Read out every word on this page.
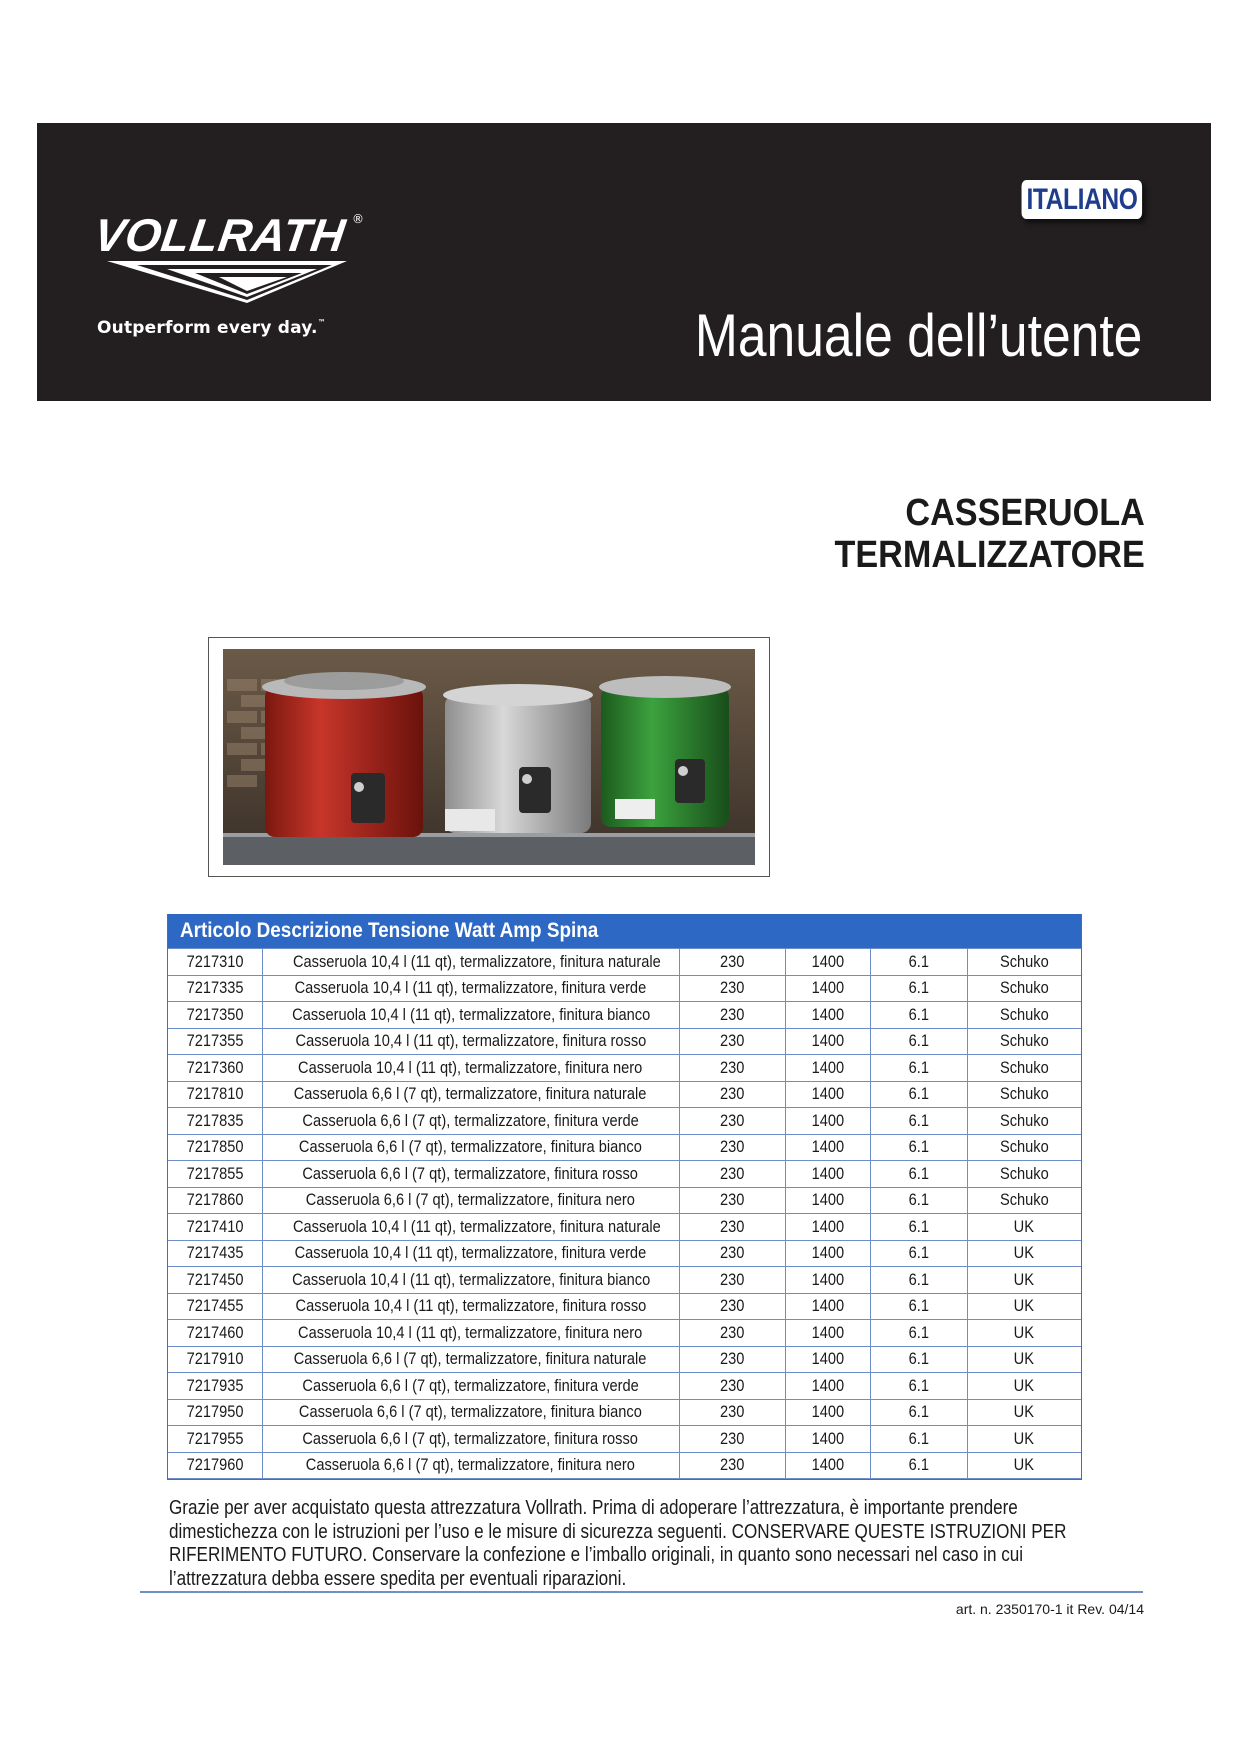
VOLLRATH ®
Outperform every day.™
ITALIANO
Manuale dell’utente
CASSERUOLA
TERMALIZZATORE
Articolo Descrizione Tensione Watt Amp Spina
7217310	Casseruola 10,4 l (11 qt), termalizzatore, finitura naturale	230	1400	6.1	Schuko
7217335	Casseruola 10,4 l (11 qt), termalizzatore, finitura verde	230	1400	6.1	Schuko
7217350	Casseruola 10,4 l (11 qt), termalizzatore, finitura bianco	230	1400	6.1	Schuko
7217355	Casseruola 10,4 l (11 qt), termalizzatore, finitura rosso	230	1400	6.1	Schuko
7217360	Casseruola 10,4 l (11 qt), termalizzatore, finitura nero	230	1400	6.1	Schuko
7217810	Casseruola 6,6 l (7 qt), termalizzatore, finitura naturale	230	1400	6.1	Schuko
7217835	Casseruola 6,6 l (7 qt), termalizzatore, finitura verde	230	1400	6.1	Schuko
7217850	Casseruola 6,6 l (7 qt), termalizzatore, finitura bianco	230	1400	6.1	Schuko
7217855	Casseruola 6,6 l (7 qt), termalizzatore, finitura rosso	230	1400	6.1	Schuko
7217860	Casseruola 6,6 l (7 qt), termalizzatore, finitura nero	230	1400	6.1	Schuko
7217410	Casseruola 10,4 l (11 qt), termalizzatore, finitura naturale	230	1400	6.1	UK
7217435	Casseruola 10,4 l (11 qt), termalizzatore, finitura verde	230	1400	6.1	UK
7217450	Casseruola 10,4 l (11 qt), termalizzatore, finitura bianco	230	1400	6.1	UK
7217455	Casseruola 10,4 l (11 qt), termalizzatore, finitura rosso	230	1400	6.1	UK
7217460	Casseruola 10,4 l (11 qt), termalizzatore, finitura nero	230	1400	6.1	UK
7217910	Casseruola 6,6 l (7 qt), termalizzatore, finitura naturale	230	1400	6.1	UK
7217935	Casseruola 6,6 l (7 qt), termalizzatore, finitura verde	230	1400	6.1	UK
7217950	Casseruola 6,6 l (7 qt), termalizzatore, finitura bianco	230	1400	6.1	UK
7217955	Casseruola 6,6 l (7 qt), termalizzatore, finitura rosso	230	1400	6.1	UK
7217960	Casseruola 6,6 l (7 qt), termalizzatore, finitura nero	230	1400	6.1	UK
Grazie per aver acquistato questa attrezzatura Vollrath. Prima di adoperare l’attrezzatura, è importante prendere dimestichezza con le istruzioni per l’uso e le misure di sicurezza seguenti. CONSERVARE QUESTE ISTRUZIONI PER RIFERIMENTO FUTURO. Conservare la confezione e l’imballo originali, in quanto sono necessari nel caso in cui l’attrezzatura debba essere spedita per eventuali riparazioni.
art. n. 2350170-1 it Rev. 04/14
